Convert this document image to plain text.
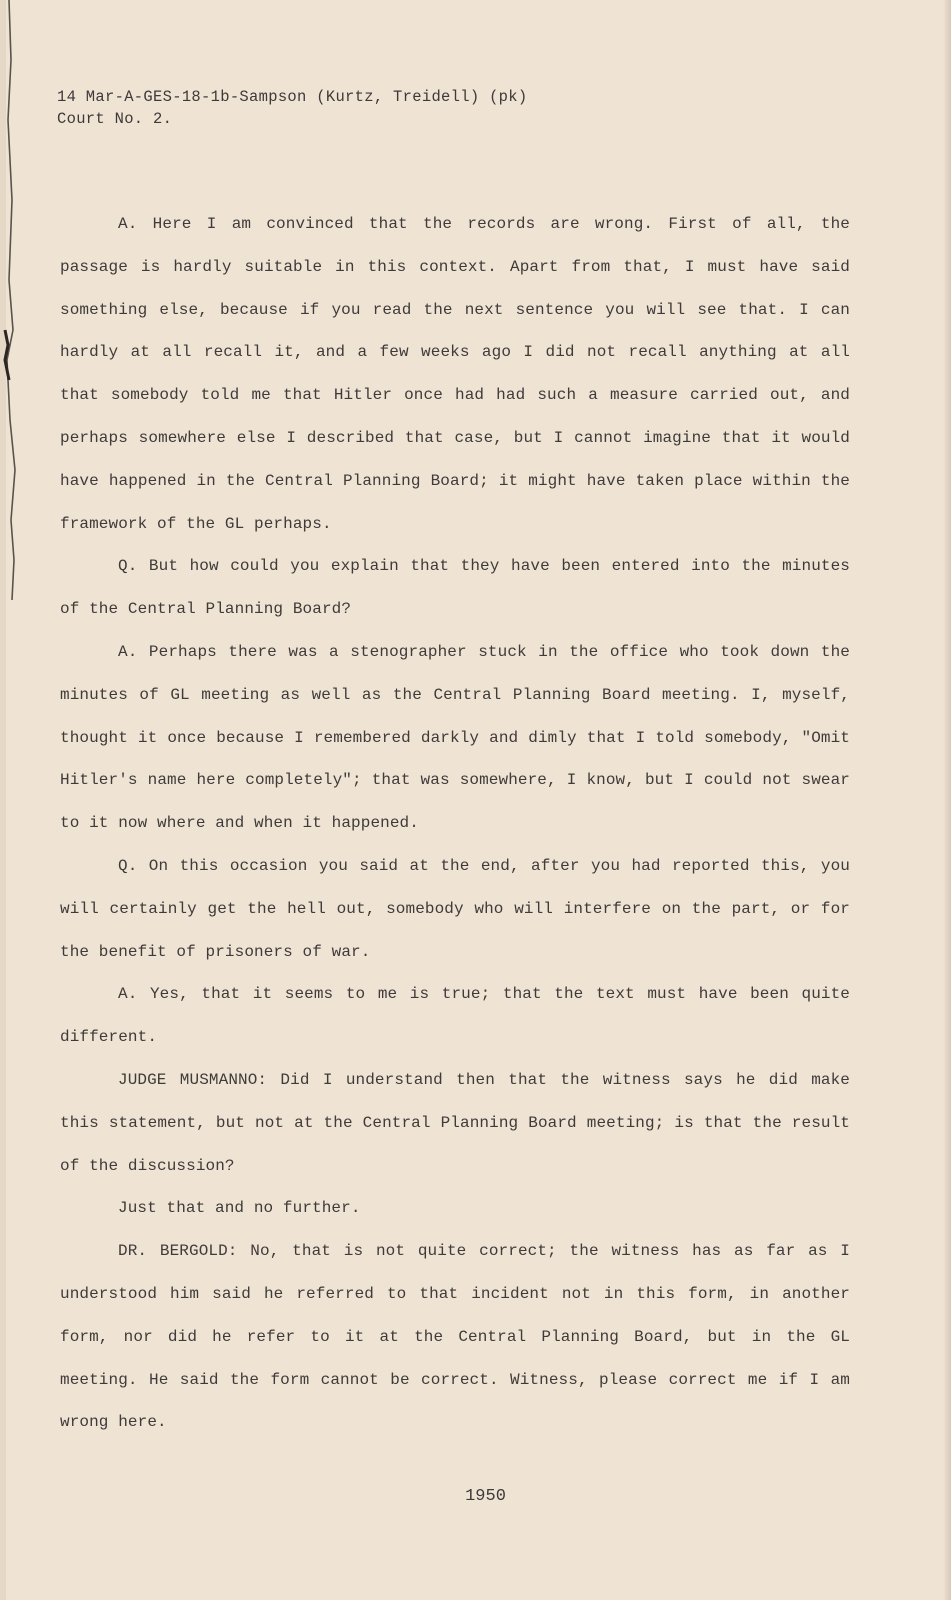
14 Mar-A-GES-18-1b-Sampson (Kurtz, Treidell) (pk)
Court No. 2.

A. Here I am convinced that the records are wrong. First of all, the passage is hardly suitable in this context. Apart from that, I must have said something else, because if you read the next sentence you will see that. I can hardly at all recall it, and a few weeks ago I did not recall anything at all that somebody told me that Hitler once had had such a measure carried out, and perhaps somewhere else I described that case, but I cannot imagine that it would have happened in the Central Planning Board; it might have taken place within the framework of the GL perhaps.

Q. But how could you explain that they have been entered into the minutes of the Central Planning Board?

A. Perhaps there was a stenographer stuck in the office who took down the minutes of GL meeting as well as the Central Planning Board meeting. I, myself, thought it once because I remembered darkly and dimly that I told somebody, "Omit Hitler's name here completely"; that was somewhere, I know, but I could not swear to it now where and when it happened.

Q. On this occasion you said at the end, after you had reported this, you will certainly get the hell out, somebody who will interfere on the part, or for the benefit of prisoners of war.

A. Yes, that it seems to me is true; that the text must have been quite different.

JUDGE MUSMANNO: Did I understand then that the witness says he did make this statement, but not at the Central Planning Board meeting; is that the result of the discussion?

Just that and no further.

DR. BERGOLD: No, that is not quite correct; the witness has as far as I understood him said he referred to that incident not in this form, in another form, nor did he refer to it at the Central Planning Board, but in the GL meeting. He said the form cannot be correct. Witness, please correct me if I am wrong here.

1950
